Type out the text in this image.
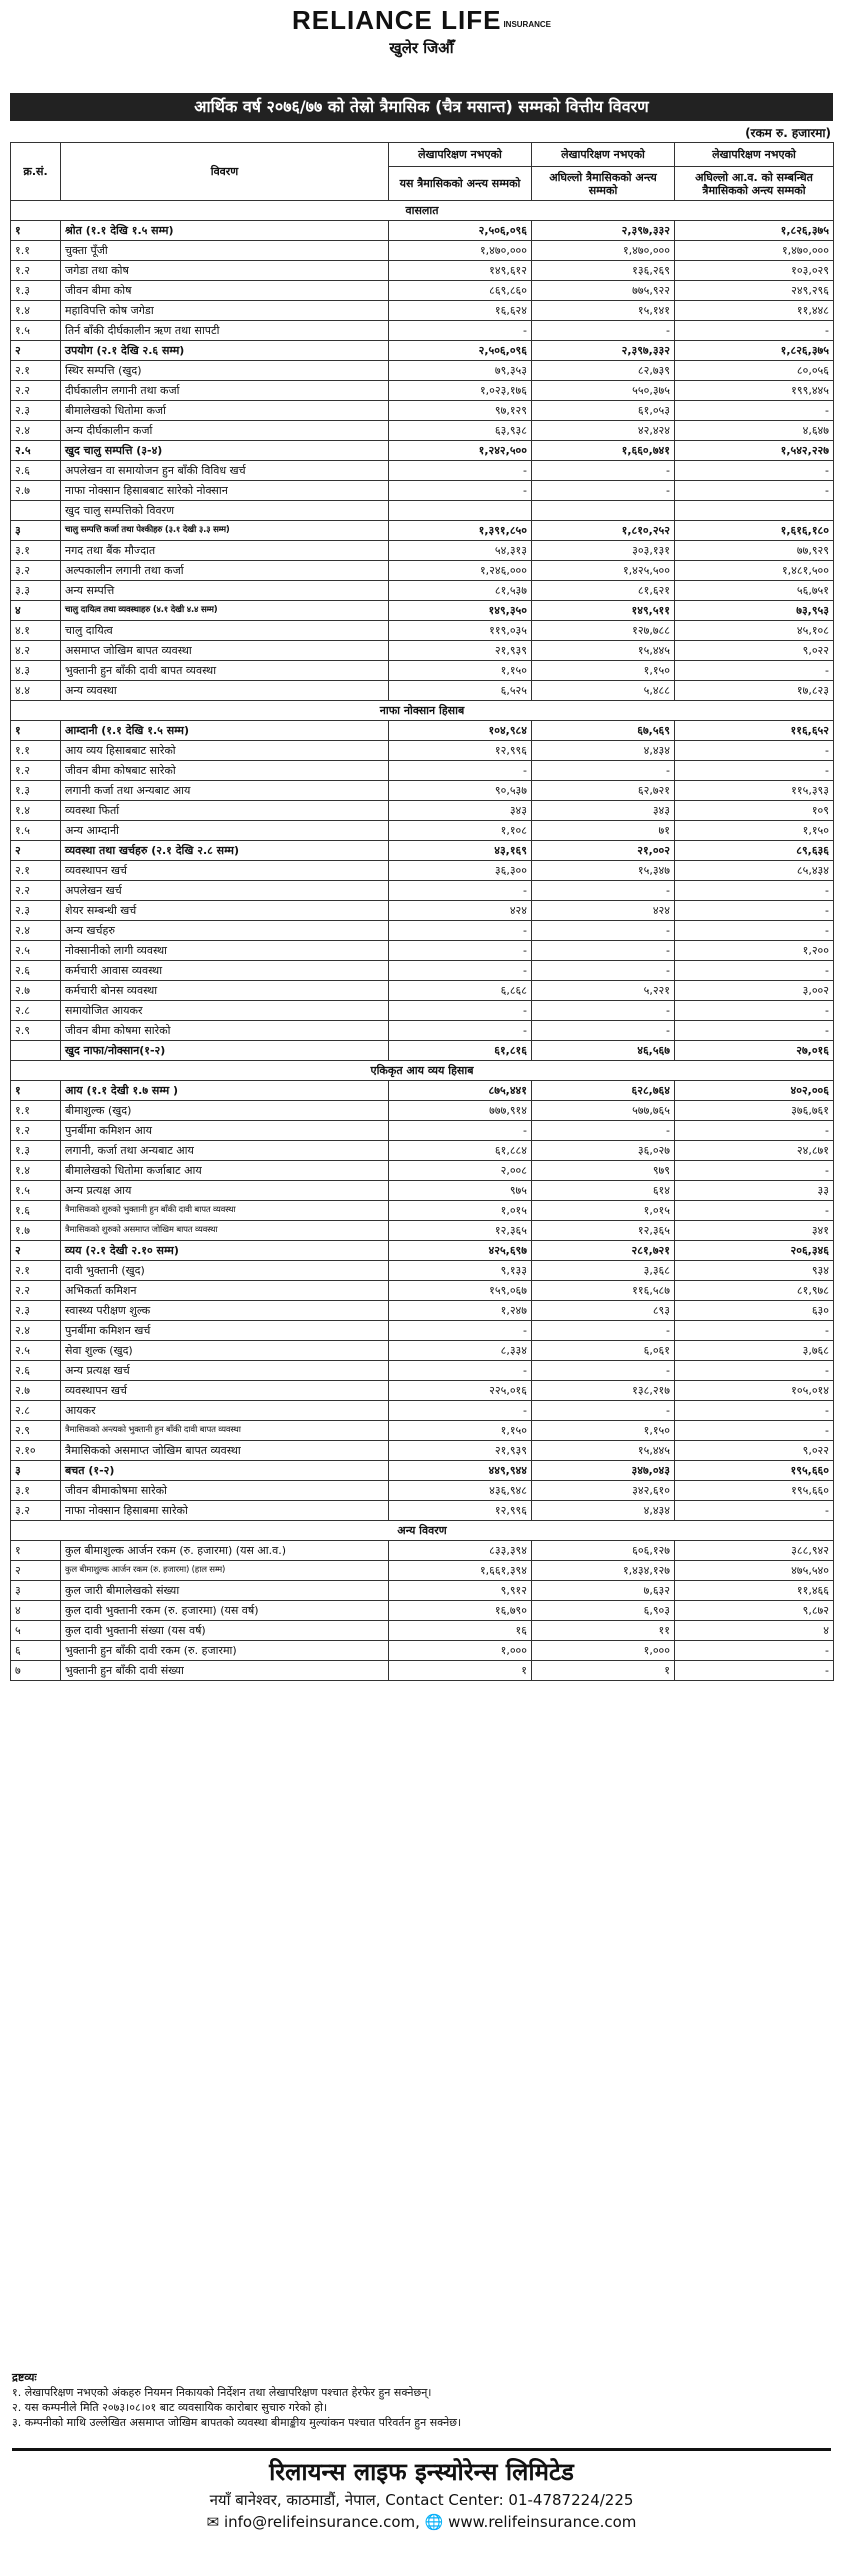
RELIANCE LIFE INSURANCE
खुलेर जिऔँ
आर्थिक वर्ष २०७६/७७ को तेस्रो त्रैमासिक (चैत्र मसान्त) सम्मको वित्तीय विवरण
(रकम रु. हजारमा)
क्र.सं.	विवरण	लेखापरिक्षण नभएको	लेखापरिक्षण नभएको	लेखापरिक्षण नभएको
		यस त्रैमासिकको अन्त्य सम्मको	अघिल्लो त्रैमासिकको अन्त्य सम्मको	अघिल्लो आ.व. को सम्बन्धित त्रैमासिकको अन्त्य सम्मको
वासलात				
१	श्रोत (१.१ देखि १.५ सम्म)	२,५०६,०९६	२,३९७,३३२	१,८२६,३७५
१.१	चुक्ता पूँजी	१,४७०,०००	१,४७०,०००	१,४७०,०००
१.२	जगेडा तथा कोष	१४९,६१२	१३६,२६९	१०३,०२९
१.३	जीवन बीमा कोष	८६९,८६०	७७५,९२२	२४९,२९६
१.४	महाविपत्ति कोष जगेडा	१६,६२४	१५,१४१	११,४४८
१.५	तिर्न बाँकी दीर्घकालीन ऋण तथा सापटी	-	-	-
२	उपयोग (२.१ देखि २.६ सम्म)	२,५०६,०९६	२,३९७,३३२	१,८२६,३७५
२.१	स्थिर सम्पत्ति (खुद)	७९,३५३	८२,७३९	८०,०५६
२.२	दीर्घकालीन लगानी तथा कर्जा	१,०२३,१७६	५५०,३७५	१९९,४४५
२.३	बीमालेखको धितोमा कर्जा	९७,१२९	६१,०५३	-
२.४	अन्य दीर्घकालीन कर्जा	६३,९३८	४२,४२४	४,६४७
२.५	खुद चालु सम्पत्ति (३-४)	१,२४२,५००	१,६६०,७४१	१,५४२,२२७
२.६	अपलेखन वा समायोजन हुन बाँकी विविध खर्च	-	-	-
२.७	नाफा नोक्सान हिसाबबाट सारेको नोक्सान	-	-	-
	खुद चालु सम्पत्तिको विवरण			
३	चालु सम्पत्ति कर्जा तथा पेश्कीहरु (३.१ देखी ३.३ सम्म)	१,३९१,८५०	१,८१०,२५२	१,६१६,१८०
३.१	नगद तथा बैंक मौज्दात	५४,३१३	३०३,१३१	७७,९२९
३.२	अल्पकालीन लगानी तथा कर्जा	१,२४६,०००	१,४२५,५००	१,४८१,५००
३.३	अन्य सम्पत्ति	८१,५३७	८१,६२१	५६,७५१
४	चालु दायित्व तथा व्यवस्थाहरु (४.१ देखी ४.४ सम्म)	१४९,३५०	१४९,५११	७३,९५३
४.१	चालु दायित्व	११९,०३५	१२७,७८८	४५,१०८
४.२	असमाप्त जोखिम बापत व्यवस्था	२१,९३९	१५,४४५	९,०२२
४.३	भुक्तानी हुन बाँकी दावी बापत व्यवस्था	१,१५०	१,१५०	-
४.४	अन्य व्यवस्था	६,५२५	५,४८८	१७,८२३
नाफा नोक्सान हिसाब				
१	आम्दानी (१.१ देखि १.५ सम्म)	१०४,९८४	६७,५६९	११६,६५२
१.१	आय व्यय हिसाबबाट सारेको	१२,९९६	४,४३४	-
१.२	जीवन बीमा कोषबाट सारेको	-	-	-
१.३	लगानी कर्जा तथा अन्यबाट आय	९०,५३७	६२,७२१	११५,३९३
१.४	व्यवस्था फिर्ता	३४३	३४३	१०९
१.५	अन्य आम्दानी	१,१०८	७१	१,१५०
२	व्यवस्था तथा खर्चहरु (२.१ देखि २.८ सम्म)	४३,१६९	२१,००२	८९,६३६
२.१	व्यवस्थापन खर्च	३६,३००	१५,३४७	८५,४३४
२.२	अपलेखन खर्च	-	-	-
२.३	शेयर सम्बन्धी खर्च	४२४	४२४	-
२.४	अन्य खर्चहरु	-	-	-
२.५	नोक्सानीको लागी व्यवस्था	-	-	१,२००
२.६	कर्मचारी आवास व्यवस्था	-	-	-
२.७	कर्मचारी बोनस व्यवस्था	६,८६८	५,२२१	३,००२
२.८	समायोजित आयकर	-	-	-
२.९	जीवन बीमा कोषमा सारेको	-	-	-
	खुद नाफा/नोक्सान(१-२)	६१,८१६	४६,५६७	२७,०१६
एकिकृत आय व्यय हिसाब				
१	आय (१.१ देखी १.७ सम्म )	८७५,४४१	६२८,७६४	४०२,००६
१.१	बीमाशुल्क (खुद)	७७७,९१४	५७७,७६५	३७६,७६१
१.२	पुनर्बीमा कमिशन आय	-	-	-
१.३	लगानी, कर्जा तथा अन्यबाट आय	६१,८८४	३६,०२७	२४,८७१
१.४	बीमालेखको धितोमा कर्जाबाट आय	२,००८	९७९	-
१.५	अन्य प्रत्यक्ष आय	९७५	६१४	३३
१.६	त्रैमासिकको शुरुको भुक्तानी हुन बाँकी दावी बापत व्यवस्था	१,०१५	१,०१५	-
१.७	त्रैमासिकको शुरुको असमाप्त जोखिम बापत व्यवस्था	१२,३६५	१२,३६५	३४१
२	व्यय (२.१ देखी २.१० सम्म)	४२५,६९७	२८१,७२१	२०६,३४६
२.१	दावी भुक्तानी (खुद)	९,१३३	३,३६८	९३४
२.२	अभिकर्ता कमिशन	१५९,०६७	११६,५८७	८१,९७८
२.३	स्वास्थ्य परीक्षण शुल्क	१,२४७	८९३	६३०
२.४	पुनर्बीमा कमिशन खर्च	-	-	-
२.५	सेवा शुल्क (खुद)	८,३३४	६,०६१	३,७६८
२.६	अन्य प्रत्यक्ष खर्च	-	-	-
२.७	व्यवस्थापन खर्च	२२५,०१६	१३८,२१७	१०५,०१४
२.८	आयकर	-	-	-
२.९	त्रैमासिकको अन्त्यको भुक्तानी हुन बाँकी दावी बापत व्यवस्था	१,१५०	१,१५०	-
२.१०	त्रैमासिकको असमाप्त जोखिम बापत व्यवस्था	२१,९३९	१५,४४५	९,०२२
३	बचत (१-२)	४४९,९४४	३४७,०४३	१९५,६६०
३.१	जीवन बीमाकोषमा सारेको	४३६,९४८	३४२,६१०	१९५,६६०
३.२	नाफा नोक्सान हिसाबमा सारेको	१२,९९६	४,४३४	-
अन्य विवरण				
१	कुल बीमाशुल्क आर्जन रकम (रु. हजारमा) (यस आ.व.)	८३३,३९४	६०६,१२७	३८८,९४२
२	कुल बीमाशुल्क आर्जन रकम (रु. हजारमा) (हाल सम्म)	१,६६१,३९४	१,४३४,१२७	४७५,५४०
३	कुल जारी बीमालेखको संख्या	९,९१२	७,६३२	११,४६६
४	कुल दावी भुक्तानी रकम (रु. हजारमा) (यस वर्ष)	१६,७९०	६,९०३	९,८७२
५	कुल दावी भुक्तानी संख्या (यस वर्ष)	१६	११	४
६	भुक्तानी हुन बाँकी दावी रकम (रु. हजारमा)	१,०००	१,०००	-
७	भुक्तानी हुन बाँकी दावी संख्या	१	१	-
द्रष्टव्यः
१. लेखापरिक्षण नभएको अंकहरु नियमन निकायको निर्देशन तथा लेखापरिक्षण पश्चात हेरफेर हुन सक्नेछन्।
२. यस कम्पनीले मिति २०७३।०८।०१ बाट व्यवसायिक कारोबार सुचारु गरेको हो।
३. कम्पनीको माथि उल्लेखित असमाप्त जोखिम बापतको व्यवस्था बीमाङ्कीय मुल्यांकन पश्चात परिवर्तन हुन सक्नेछ।
रिलायन्स लाइफ इन्स्योरेन्स लिमिटेड
नयाँ बानेश्वर, काठमाडौं, नेपाल, Contact Center: 01-4787224/225
✉ info@relifeinsurance.com, 🌐 www.relifeinsurance.com
